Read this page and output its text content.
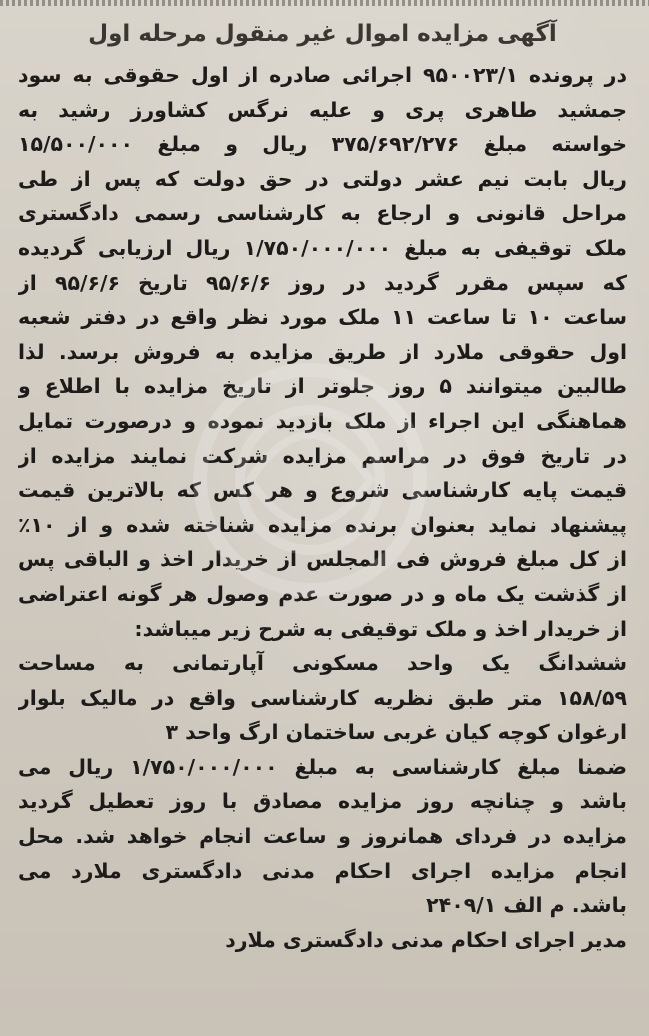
آگهی مزایده اموال غیر منقول مرحله اول
در پرونده ۹۵۰۰۲۳/۱ اجرائی صادره از اول حقوقی به سود
جمشید طاهری پری و علیه نرگس کشاورز رشید به
خواسته مبلغ ۳۷۵/۶۹۲/۲۷۶ ریال و مبلغ ۱۵/۵۰۰/۰۰۰
ریال بابت نیم عشر دولتی در حق دولت که پس از طی
مراحل قانونی و ارجاع به کارشناسی رسمی دادگستری
ملک توقیفی به مبلغ ۱/۷۵۰/۰۰۰/۰۰۰ ریال ارزیابی گردیده
که سپس مقرر گردید در روز ۹۵/۶/۶ تاریخ ۹۵/۶/۶ از
ساعت ۱۰ تا ساعت ۱۱ ملک مورد نظر واقع در دفتر شعبه
اول حقوقی ملارد از طریق مزایده به فروش برسد. لذا
طالبین میتوانند ۵ روز جلوتر از تاریخ مزایده با اطلاع و
هماهنگی این اجراء از ملک بازدید نموده و درصورت تمایل
در تاریخ فوق در مراسم مزایده شرکت نمایند مزایده از
قیمت پایه کارشناسی شروع و هر کس که بالاترین قیمت
پیشنهاد نماید بعنوان برنده مزایده شناخته شده و از ۱۰٪
از کل مبلغ فروش فی المجلس از خریدار اخذ و الباقی پس
از گذشت یک ماه و در صورت عدم وصول هر گونه اعتراضی
از خریدار اخذ و ملک توقیفی به شرح زیر میباشد:
ششدانگ یک واحد مسکونی آپارتمانی به مساحت
۱۵۸/۵۹ متر طبق نظریه کارشناسی واقع در مالیک بلوار
ارغوان کوچه کیان غربی ساختمان ارگ واحد ۳
ضمنا مبلغ کارشناسی به مبلغ ۱/۷۵۰/۰۰۰/۰۰۰ ریال می
باشد و چنانچه روز مزایده مصادق با روز تعطیل گردید
مزایده در فردای همانروز و ساعت انجام خواهد شد. محل
انجام مزایده اجرای احکام مدنی دادگستری ملارد می
باشد. م الف ۲۴۰۹/۱
مدیر اجرای احکام مدنی دادگستری ملارد
